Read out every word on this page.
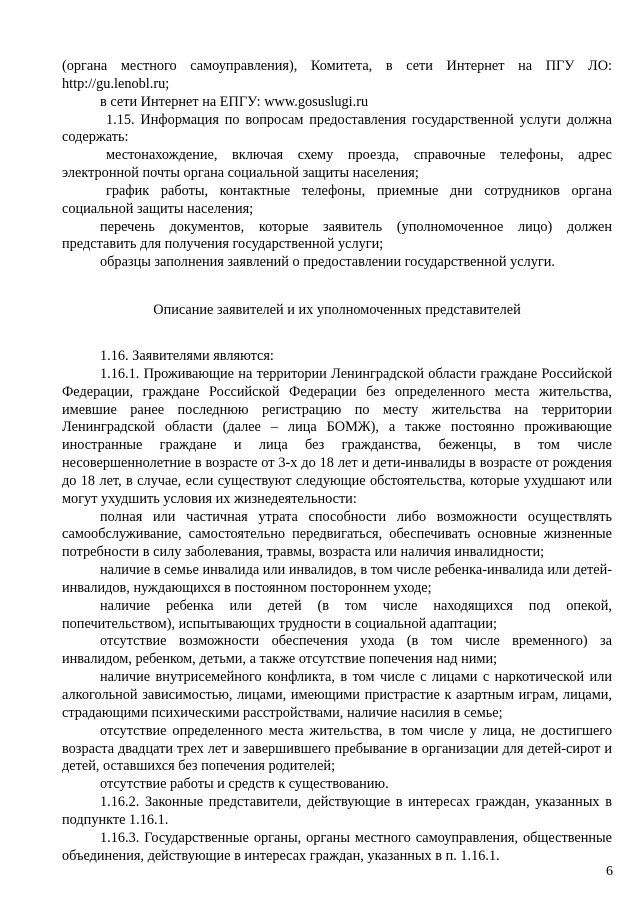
(органа местного самоуправления), Комитета, в сети Интернет на ПГУ ЛО: http://gu.lenobl.ru;

в сети Интернет на ЕПГУ: www.gosuslugi.ru

1.15. Информация по вопросам предоставления государственной услуги должна содержать:

местонахождение, включая схему проезда, справочные телефоны, адрес электронной почты органа социальной защиты населения;

график работы, контактные телефоны, приемные дни сотрудников органа социальной защиты населения;

перечень документов, которые заявитель (уполномоченное лицо) должен представить для получения государственной услуги;

образцы заполнения заявлений о предоставлении государственной услуги.

Описание заявителей и их уполномоченных представителей

1.16. Заявителями являются:

1.16.1. Проживающие на территории Ленинградской области граждане Российской Федерации, граждане Российской Федерации без определенного места жительства, имевшие ранее последнюю регистрацию по месту жительства на территории Ленинградской области (далее – лица БОМЖ), а также постоянно проживающие иностранные граждане и лица без гражданства, беженцы, в том числе несовершеннолетние в возрасте от 3-х до 18 лет и дети-инвалиды в возрасте от рождения до 18 лет, в случае, если существуют следующие обстоятельства, которые ухудшают или могут ухудшить условия их жизнедеятельности:

полная или частичная утрата способности либо возможности осуществлять самообслуживание, самостоятельно передвигаться, обеспечивать основные жизненные потребности в силу заболевания, травмы, возраста или наличия инвалидности;

наличие в семье инвалида или инвалидов, в том числе ребенка-инвалида или детей-инвалидов, нуждающихся в постоянном постороннем уходе;

наличие ребенка или детей (в том числе находящихся под опекой, попечительством), испытывающих трудности в социальной адаптации;

отсутствие возможности обеспечения ухода (в том числе временного) за инвалидом, ребенком, детьми, а также отсутствие попечения над ними;

наличие внутрисемейного конфликта, в том числе с лицами с наркотической или алкогольной зависимостью, лицами, имеющими пристрастие к азартным играм, лицами, страдающими психическими расстройствами, наличие насилия в семье;

отсутствие определенного места жительства, в том числе у лица, не достигшего возраста двадцати трех лет и завершившего пребывание в организации для детей-сирот и детей, оставшихся без попечения родителей;

отсутствие работы и средств к существованию.

1.16.2. Законные представители, действующие в интересах граждан, указанных в подпункте 1.16.1.

1.16.3. Государственные органы, органы местного самоуправления, общественные объединения, действующие в интересах граждан, указанных в п. 1.16.1.

6
